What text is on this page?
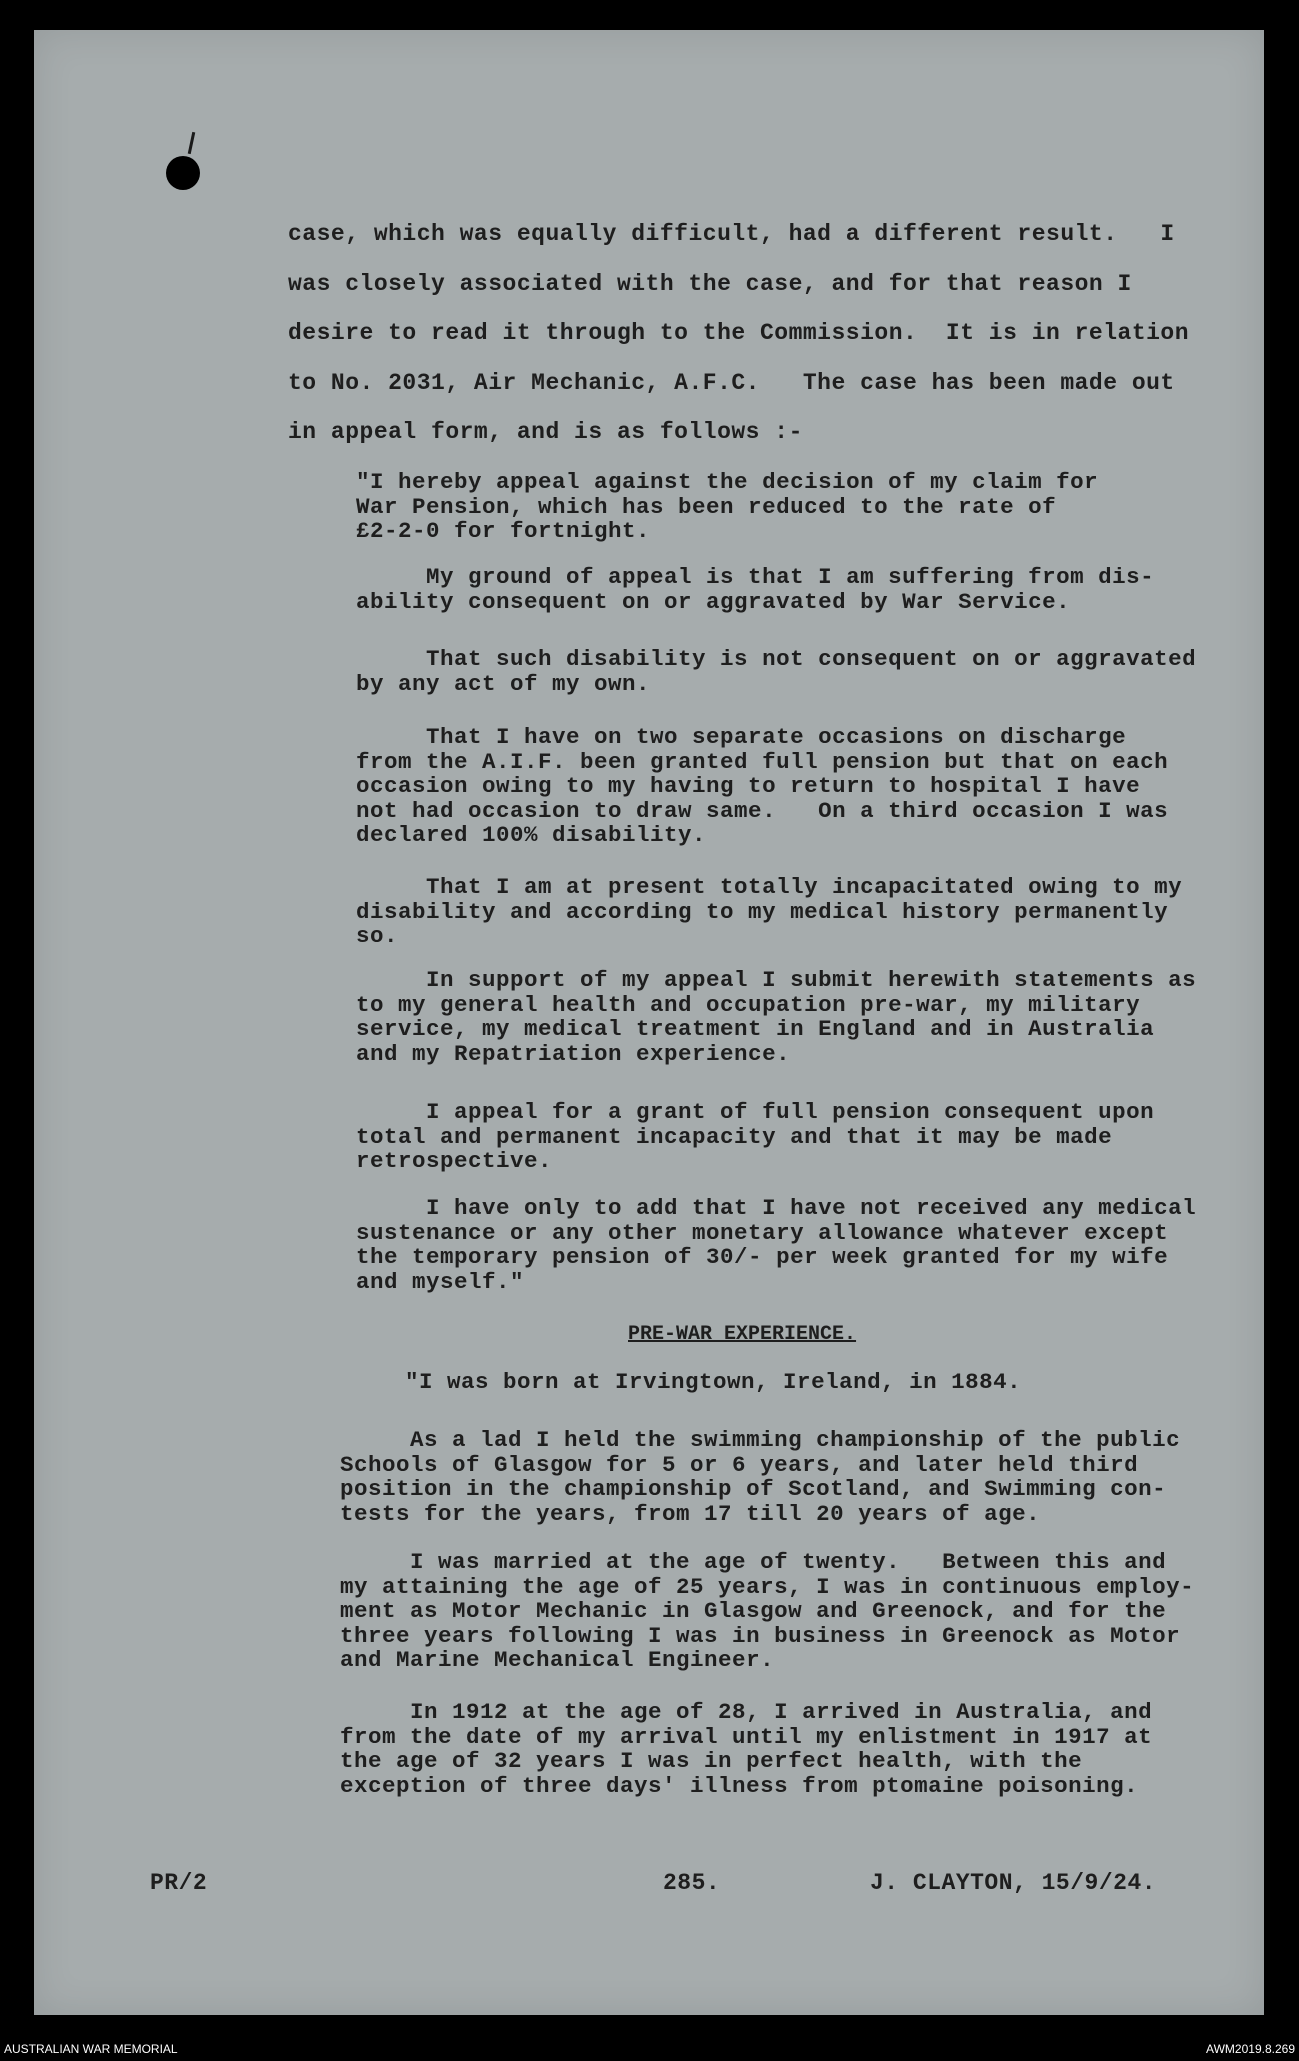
case, which was equally difficult, had a different result.   I
was closely associated with the case, and for that reason I
desire to read it through to the Commission.  It is in relation
to No. 2031, Air Mechanic, A.F.C.   The case has been made out
in appeal form, and is as follows :-

"I hereby appeal against the decision of my claim for
War Pension, which has been reduced to the rate of
£2-2-0 for fortnight.

My ground of appeal is that I am suffering from dis-
ability consequent on or aggravated by War Service.

That such disability is not consequent on or aggravated
by any act of my own.

That I have on two separate occasions on discharge
from the A.I.F. been granted full pension but that on each
occasion owing to my having to return to hospital I have
not had occasion to draw same.   On a third occasion I was
declared 100% disability.

That I am at present totally incapacitated owing to my
disability and according to my medical history permanently
so.

In support of my appeal I submit herewith statements as
to my general health and occupation pre-war, my military
service, my medical treatment in England and in Australia
and my Repatriation experience.

I appeal for a grant of full pension consequent upon
total and permanent incapacity and that it may be made
retrospective.

I have only to add that I have not received any medical
sustenance or any other monetary allowance whatever except
the temporary pension of 30/- per week granted for my wife
and myself."

PRE-WAR EXPERIENCE.

"I was born at Irvingtown, Ireland, in 1884.

As a lad I held the swimming championship of the public
Schools of Glasgow for 5 or 6 years, and later held third
position in the championship of Scotland, and Swimming con-
tests for the years, from 17 till 20 years of age.

I was married at the age of twenty.   Between this and
my attaining the age of 25 years, I was in continuous employ-
ment as Motor Mechanic in Glasgow and Greenock, and for the
three years following I was in business in Greenock as Motor
and Marine Mechanical Engineer.

In 1912 at the age of 28, I arrived in Australia, and
from the date of my arrival until my enlistment in 1917 at
the age of 32 years I was in perfect health, with the
exception of three days' illness from ptomaine poisoning.

PR/2	285.	J. CLAYTON, 15/9/24.

AUSTRALIAN WAR MEMORIAL	AWM2019.8.269
